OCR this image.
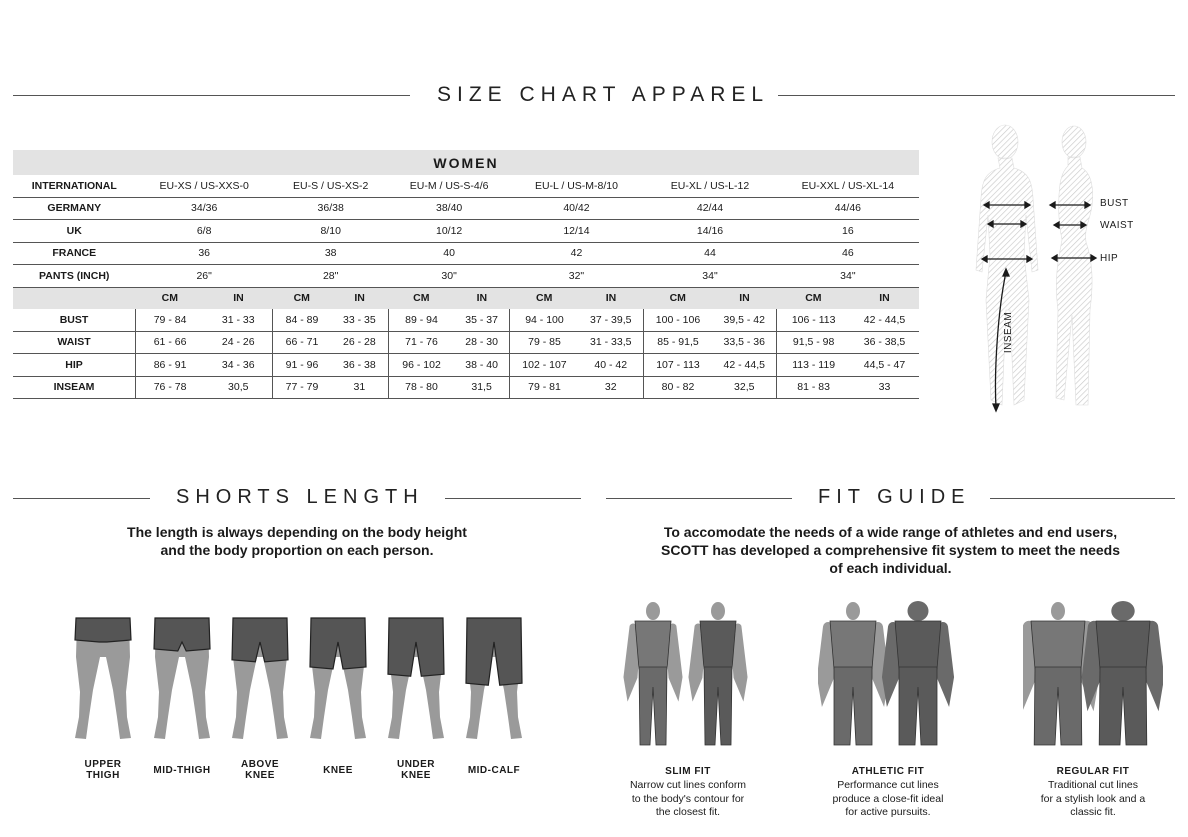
SIZE CHART APPAREL
WOMEN												
INTERNATIONAL	EU-XS / US-XXS-0		EU-S / US-XS-2		EU-M / US-S-4/6		EU-L / US-M-8/10		EU-XL / US-L-12		EU-XXL / US-XL-14	
GERMANY	34/36		36/38		38/40		40/42		42/44		44/46	
UK	6/8		8/10		10/12		12/14		14/16		16	
FRANCE	36		38		40		42		44		46	
PANTS (INCH)	26"		28"		30"		32"		34"		34"	
	CM	IN	CM	IN	CM	IN	CM	IN	CM	IN	CM	IN
BUST	79 - 84	31 - 33	84 - 89	33 - 35	89 - 94	35 - 37	94 - 100	37 - 39,5	100 - 106	39,5 - 42	106 - 113	42 - 44,5
WAIST	61 - 66	24 - 26	66 - 71	26 - 28	71 - 76	28 - 30	79 - 85	31 - 33,5	85 - 91,5	33,5 - 36	91,5 - 98	36 - 38,5
HIP	86 - 91	34 - 36	91 - 96	36 - 38	96 - 102	38 - 40	102 - 107	40 - 42	107 - 113	42 - 44,5	113 - 119	44,5 - 47
INSEAM	76 - 78	30,5	77 - 79	31	78 - 80	31,5	79 - 81	32	80 - 82	32,5	81 - 83	33
BUST
WAIST
HIP
INSEAM
SHORTS LENGTH
The length is always depending on the body height
and the body proportion on each person.
UPPER
THIGH	MID-THIGH
ABOVE
KNEE	KNEE
UNDER
KNEE	MID-CALF
FIT GUIDE
To accomodate the needs of a wide range of athletes and end users,
SCOTT has developed a comprehensive fit system to meet the needs
of each individual.
SLIM FIT
Narrow cut lines conform
to the body's contour for
the closest fit.
ATHLETIC FIT
Performance cut lines
produce a close-fit ideal
for active pursuits.
REGULAR FIT
Traditional cut lines
for a stylish look and a
classic fit.
